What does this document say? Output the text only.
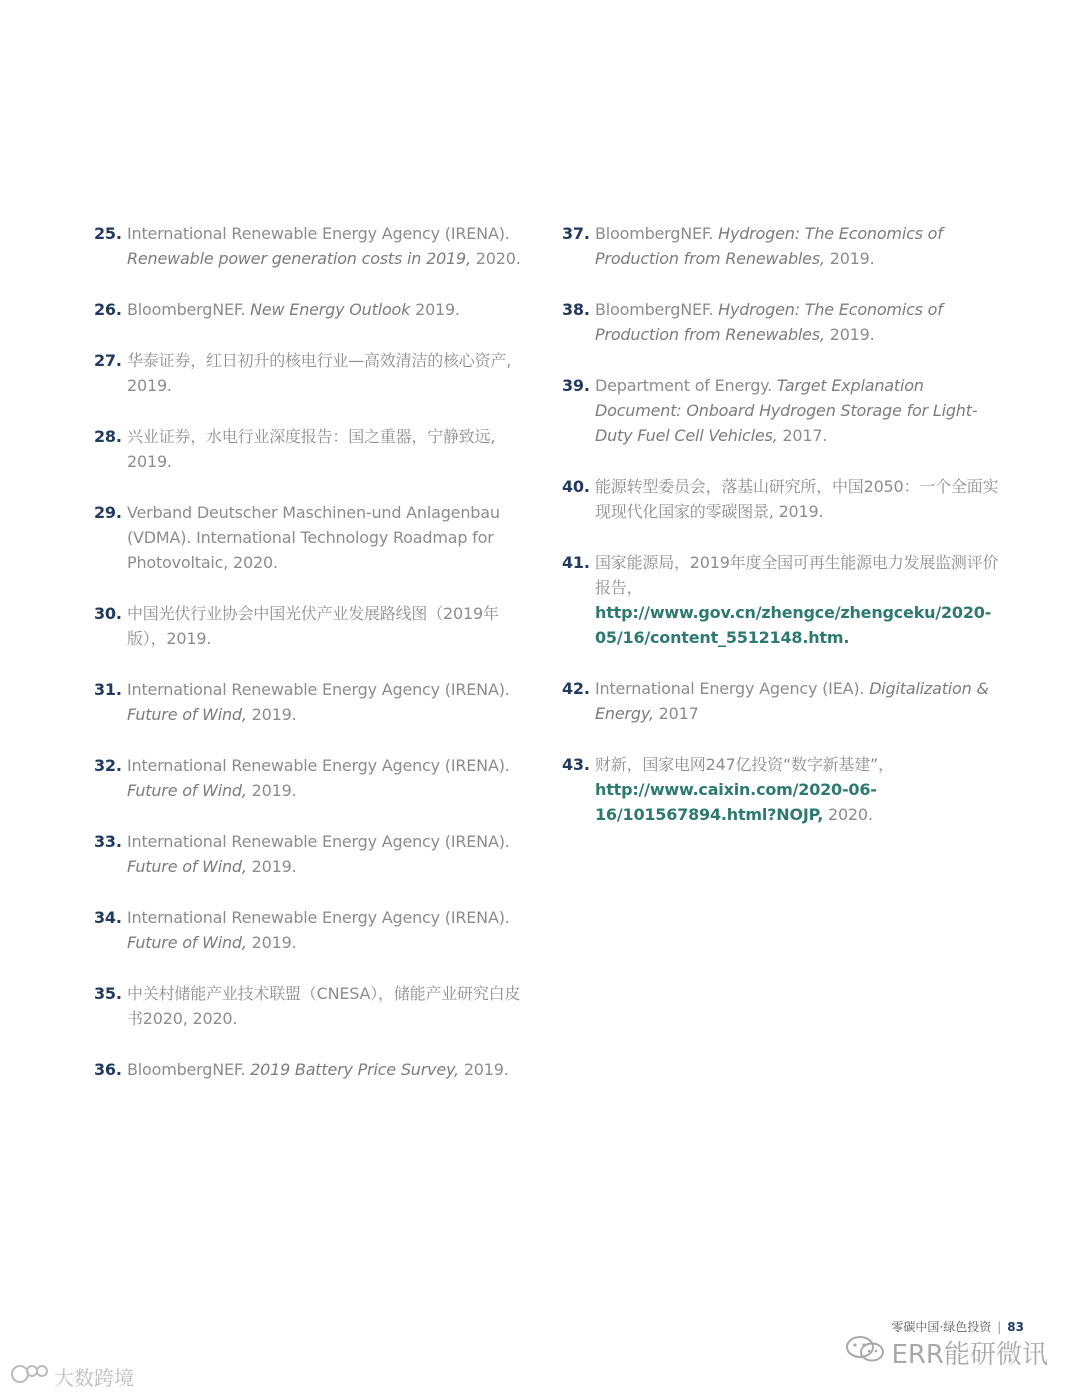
25. International Renewable Energy Agency (IRENA). Renewable power generation costs in 2019, 2020.
26. BloombergNEF. New Energy Outlook 2019.
27. 华泰证券，红日初升的核电行业—高效清洁的核心资产, 2019.
28. 兴业证券，水电行业深度报告：国之重器，宁静致远, 2019.
29. Verband Deutscher Maschinen-und Anlagenbau (VDMA). International Technology Roadmap for Photovoltaic, 2020.
30. 中国光伏行业协会中国光伏产业发展路线图（2019年版），2019.
31. International Renewable Energy Agency (IRENA). Future of Wind, 2019.
32. International Renewable Energy Agency (IRENA). Future of Wind, 2019.
33. International Renewable Energy Agency (IRENA). Future of Wind, 2019.
34. International Renewable Energy Agency (IRENA). Future of Wind, 2019.
35. 中关村储能产业技术联盟（CNESA），储能产业研究白皮书2020, 2020.
36. BloombergNEF. 2019 Battery Price Survey, 2019.
37. BloombergNEF. Hydrogen: The Economics of Production from Renewables, 2019.
38. BloombergNEF. Hydrogen: The Economics of Production from Renewables, 2019.
39. Department of Energy. Target Explanation Document: Onboard Hydrogen Storage for Light-Duty Fuel Cell Vehicles, 2017.
40. 能源转型委员会，落基山研究所，中国2050：一个全面实现现代化国家的零碳图景, 2019.
41. 国家能源局，2019年度全国可再生能源电力发展监测评价报告，http://www.gov.cn/zhengce/zhengceku/2020-05/16/content_5512148.htm.
42. International Energy Agency (IEA). Digitalization & Energy, 2017
43. 财新，国家电网247亿投资“数字新基建”，http://www.caixin.com/2020-06-16/101567894.html?NOJP, 2020.
零碳中国·绿色投资 | 83
ERR能研微讯
大数跨境
